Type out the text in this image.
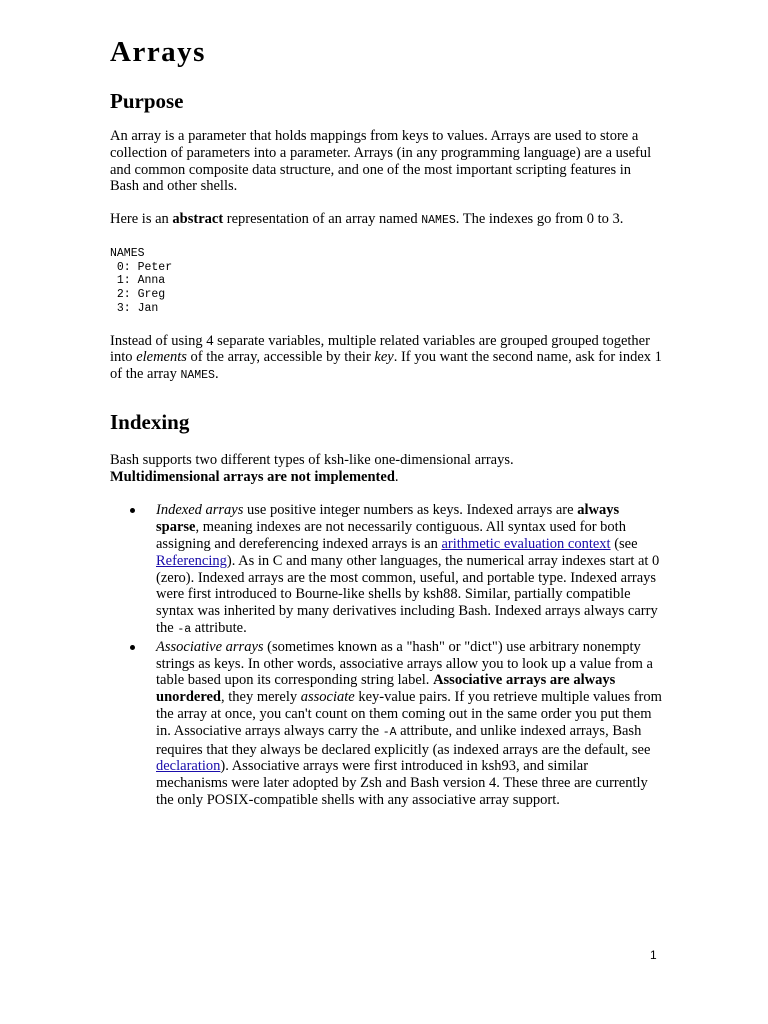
Arrays
Purpose

An array is a parameter that holds mappings from keys to values. Arrays are used to store a collection of parameters into a parameter. Arrays (in any programming language) are a useful and common composite data structure, and one of the most important scripting features in Bash and other shells.

Here is an abstract representation of an array named NAMES. The indexes go from 0 to 3.

NAMES
0: Peter
1: Anna
2: Greg
3: Jan

Instead of using 4 separate variables, multiple related variables are grouped grouped together into elements of the array, accessible by their key. If you want the second name, ask for index 1 of the array NAMES.

Indexing

Bash supports two different types of ksh-like one-dimensional arrays.
Multidimensional arrays are not implemented.

Indexed arrays use positive integer numbers as keys. Indexed arrays are always sparse, meaning indexes are not necessarily contiguous. All syntax used for both assigning and dereferencing indexed arrays is an arithmetic evaluation context (see Referencing). As in C and many other languages, the numerical array indexes start at 0 (zero). Indexed arrays are the most common, useful, and portable type. Indexed arrays were first introduced to Bourne-like shells by ksh88. Similar, partially compatible syntax was inherited by many derivatives including Bash. Indexed arrays always carry the -a attribute.
Associative arrays (sometimes known as a "hash" or "dict") use arbitrary nonempty strings as keys. In other words, associative arrays allow you to look up a value from a table based upon its corresponding string label. Associative arrays are always unordered, they merely associate key-value pairs. If you retrieve multiple values from the array at once, you can't count on them coming out in the same order you put them in. Associative arrays always carry the -A attribute, and unlike indexed arrays, Bash requires that they always be declared explicitly (as indexed arrays are the default, see declaration). Associative arrays were first introduced in ksh93, and similar mechanisms were later adopted by Zsh and Bash version 4. These three are currently the only POSIX-compatible shells with any associative array support.
1
